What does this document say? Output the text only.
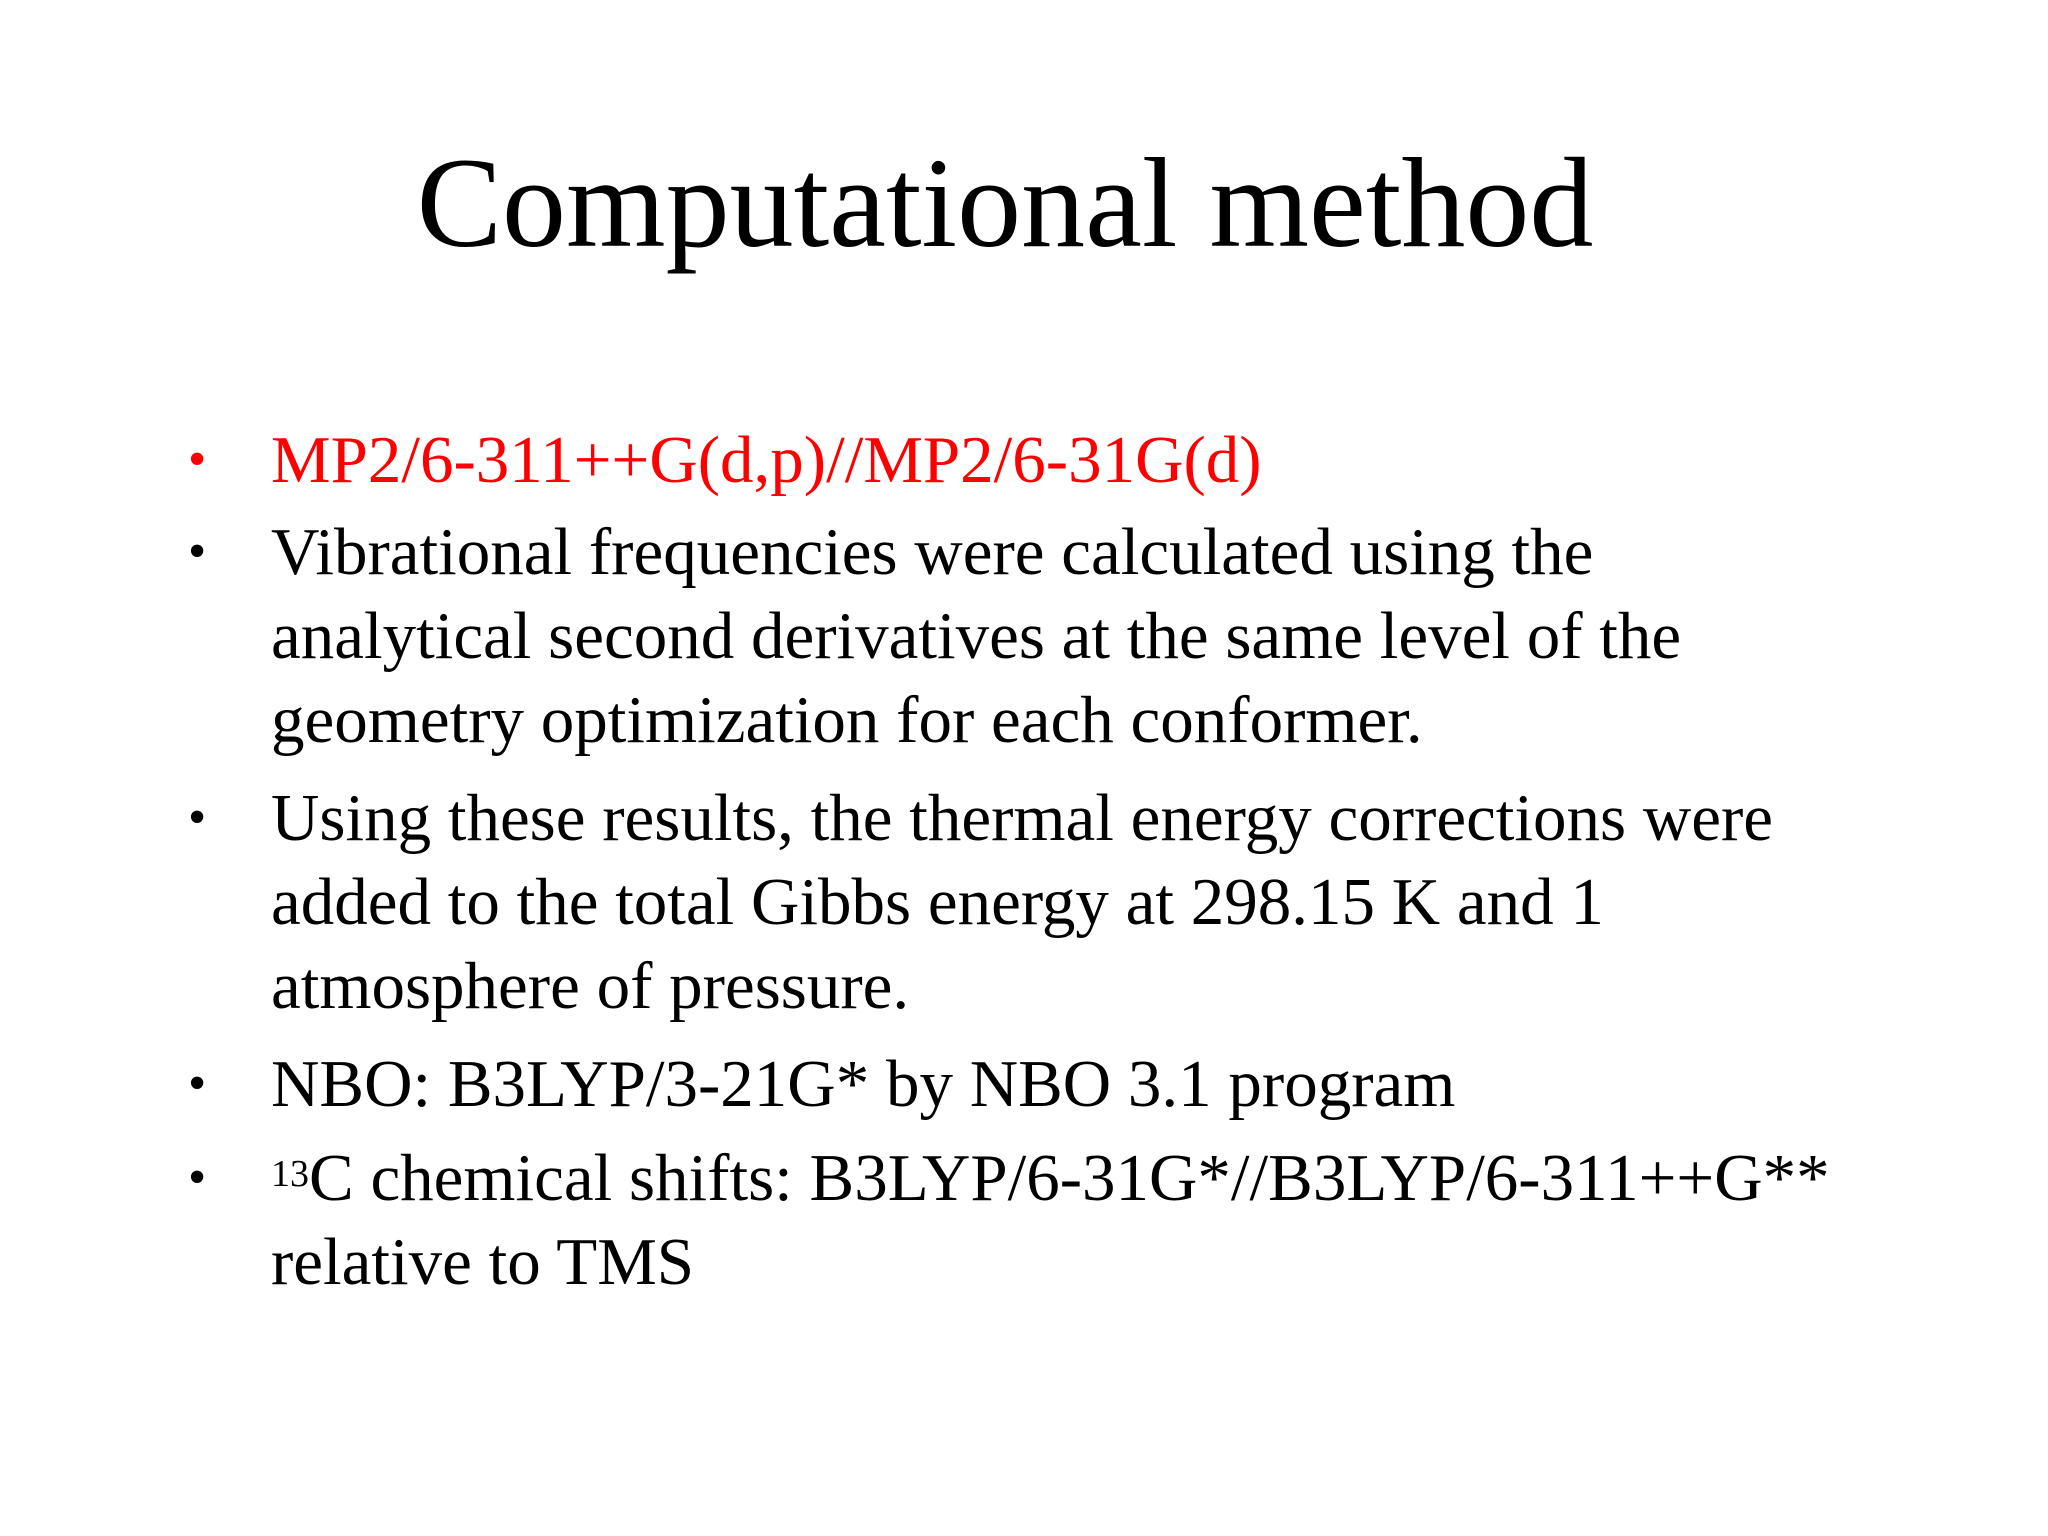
Computational method
• MP2/6-311++G(d,p)//MP2/6-31G(d)
• Vibrational frequencies were calculated using the
analytical second derivatives at the same level of the
geometry optimization for each conformer.
• Using these results, the thermal energy corrections were
added to the total Gibbs energy at 298.15 K and 1
atmosphere of pressure.
• NBO: B3LYP/3-21G* by NBO 3.1 program
• $^{13}$C chemical shifts: B3LYP/6-31G*//B3LYP/6-311++G**
relative to TMS
